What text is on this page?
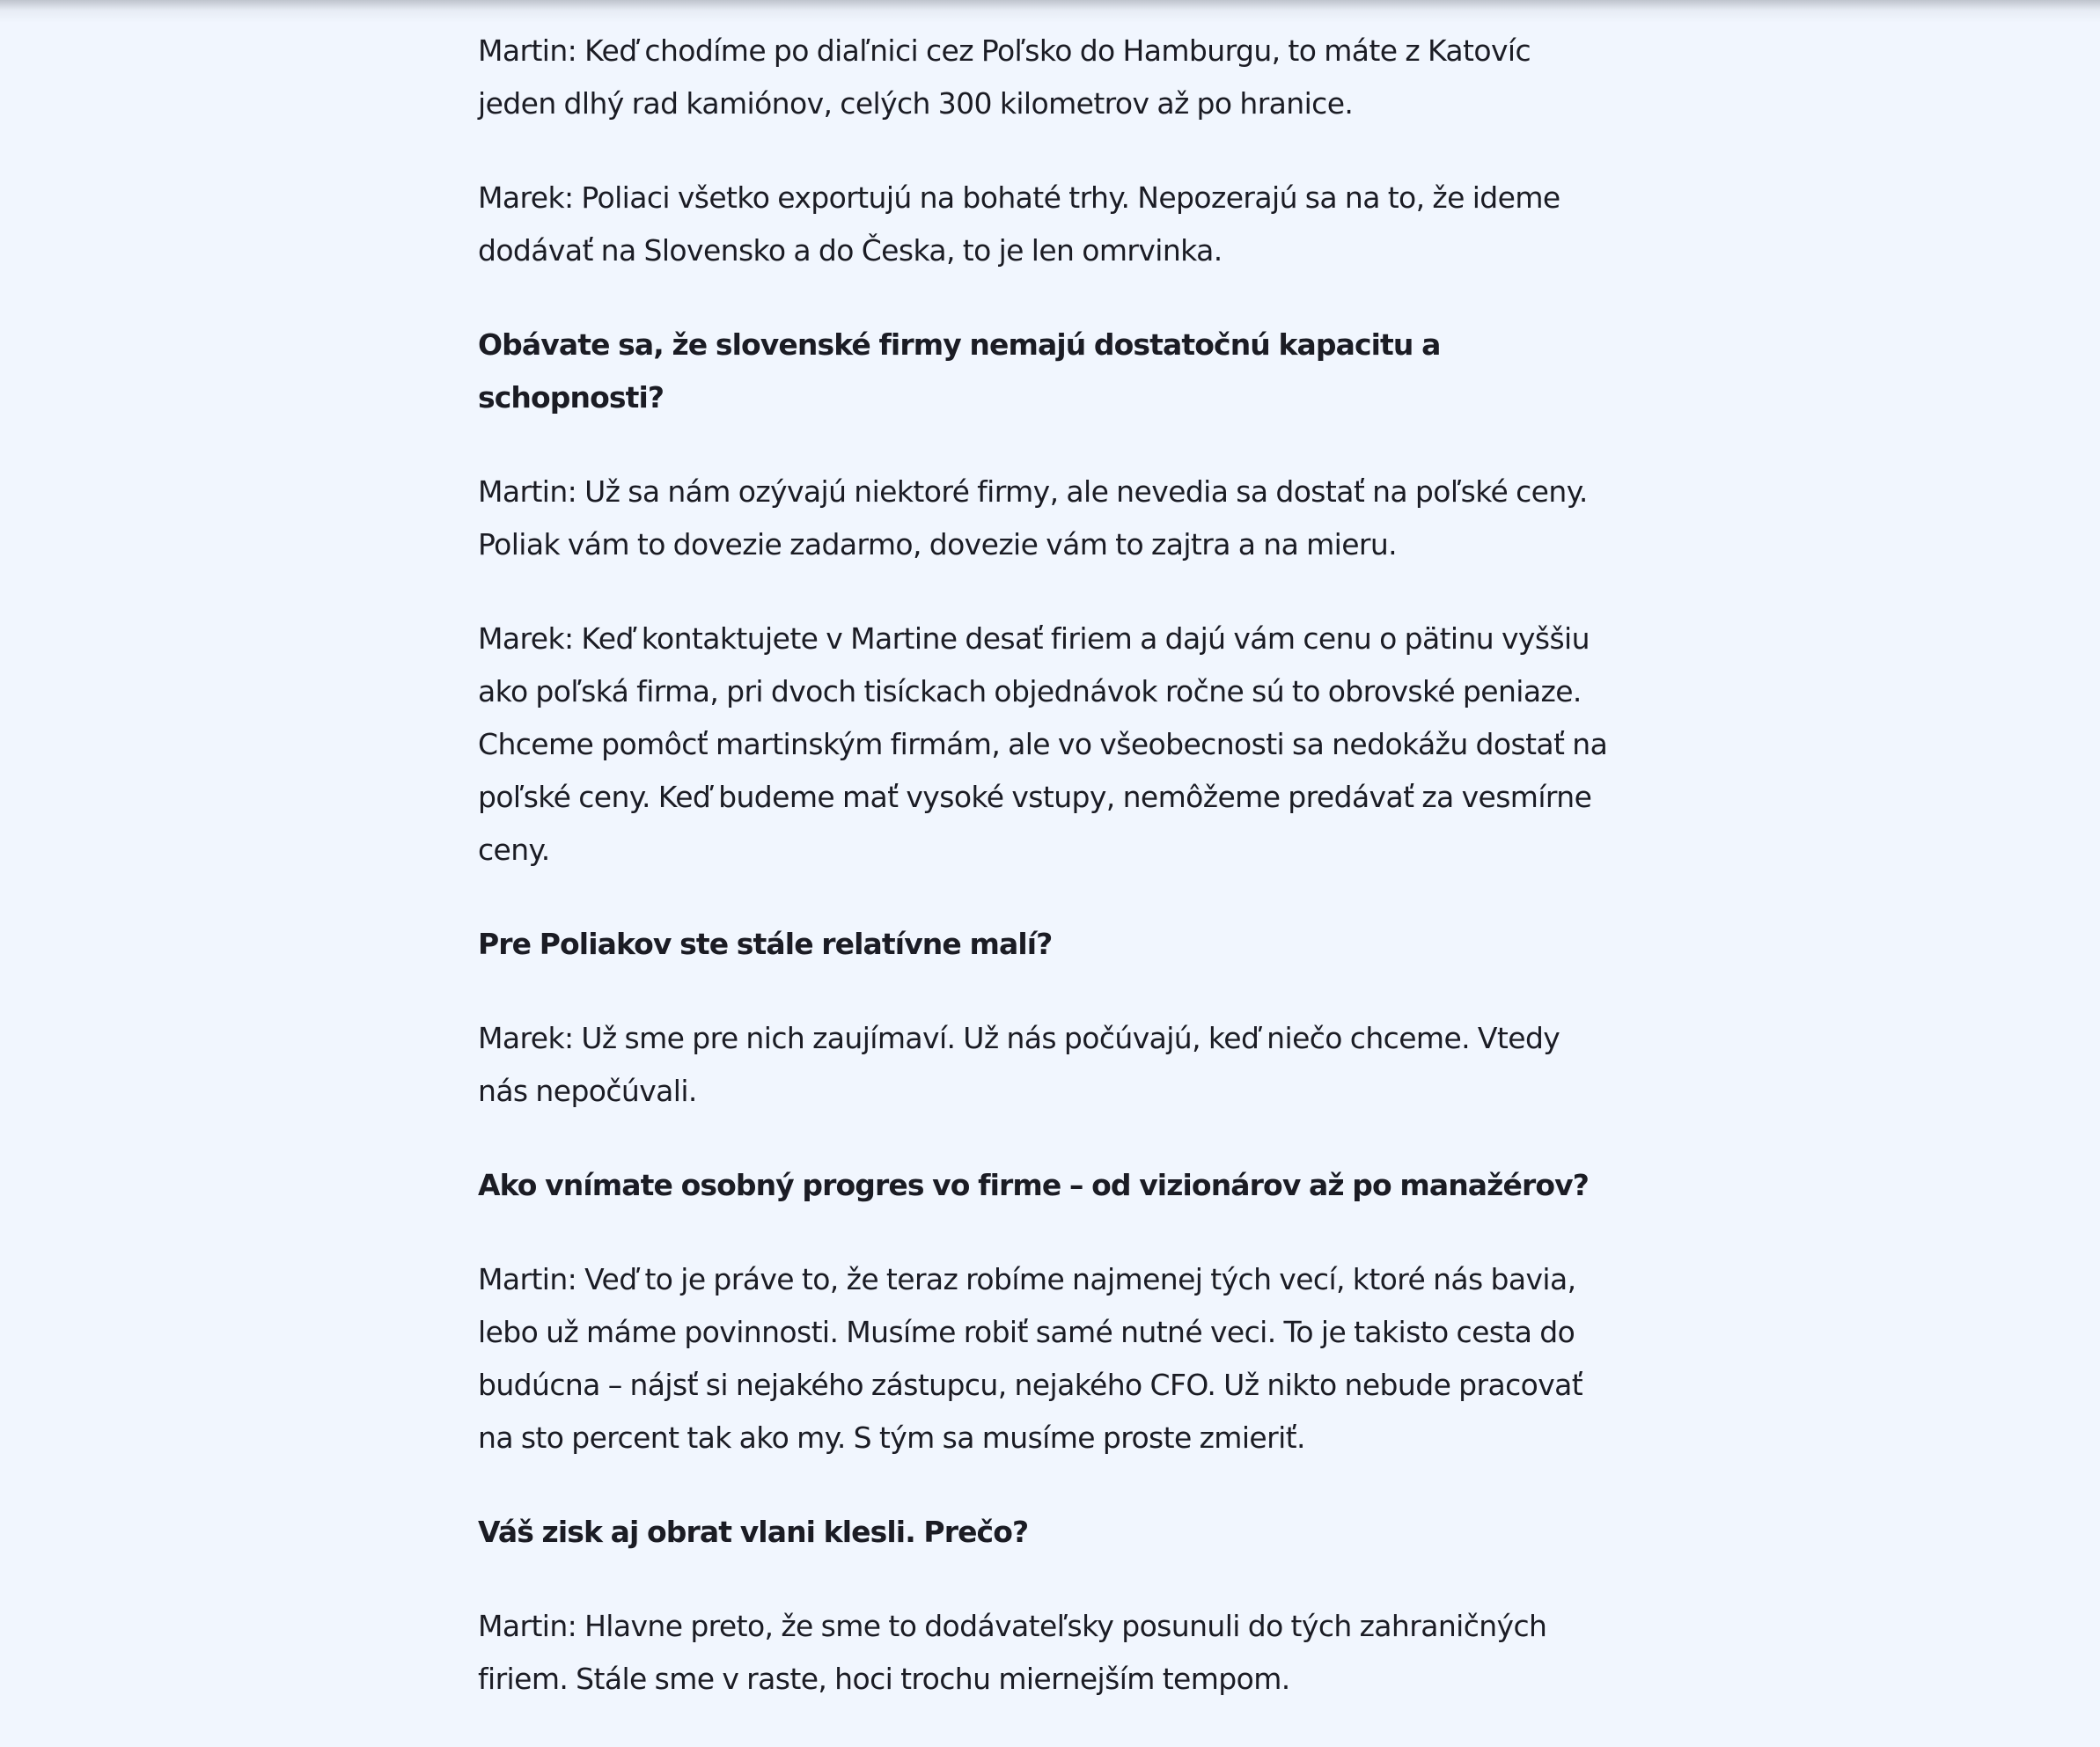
Martin: Keď chodíme po diaľnici cez Poľsko do Hamburgu, to máte z Katovíc jeden dlhý rad kamiónov, celých 300 kilometrov až po hranice.

Marek: Poliaci všetko exportujú na bohaté trhy. Nepozerajú sa na to, že ideme dodávať na Slovensko a do Česka, to je len omrvinka.

Obávate sa, že slovenské firmy nemajú dostatočnú kapacitu a schopnosti?

Martin: Už sa nám ozývajú niektoré firmy, ale nevedia sa dostať na poľské ceny. Poliak vám to dovezie zadarmo, dovezie vám to zajtra a na mieru.

Marek: Keď kontaktujete v Martine desať firiem a dajú vám cenu o pätinu vyššiu ako poľská firma, pri dvoch tisíckach objednávok ročne sú to obrovské peniaze. Chceme pomôcť martinským firmám, ale vo všeobecnosti sa nedokážu dostať na poľské ceny. Keď budeme mať vysoké vstupy, nemôžeme predávať za vesmírne ceny.

Pre Poliakov ste stále relatívne malí?

Marek: Už sme pre nich zaujímaví. Už nás počúvajú, keď niečo chceme. Vtedy nás nepočúvali.

Ako vnímate osobný progres vo firme – od vizionárov až po manažérov?

Martin: Veď to je práve to, že teraz robíme najmenej tých vecí, ktoré nás bavia, lebo už máme povinnosti. Musíme robiť samé nutné veci. To je takisto cesta do budúcna – nájsť si nejakého zástupcu, nejakého CFO. Už nikto nebude pracovať na sto percent tak ako my. S tým sa musíme proste zmieriť.

Váš zisk aj obrat vlani klesli. Prečo?

Martin: Hlavne preto, že sme to dodávateľsky posunuli do tých zahraničných firiem. Stále sme v raste, hoci trochu miernejším tempom.
